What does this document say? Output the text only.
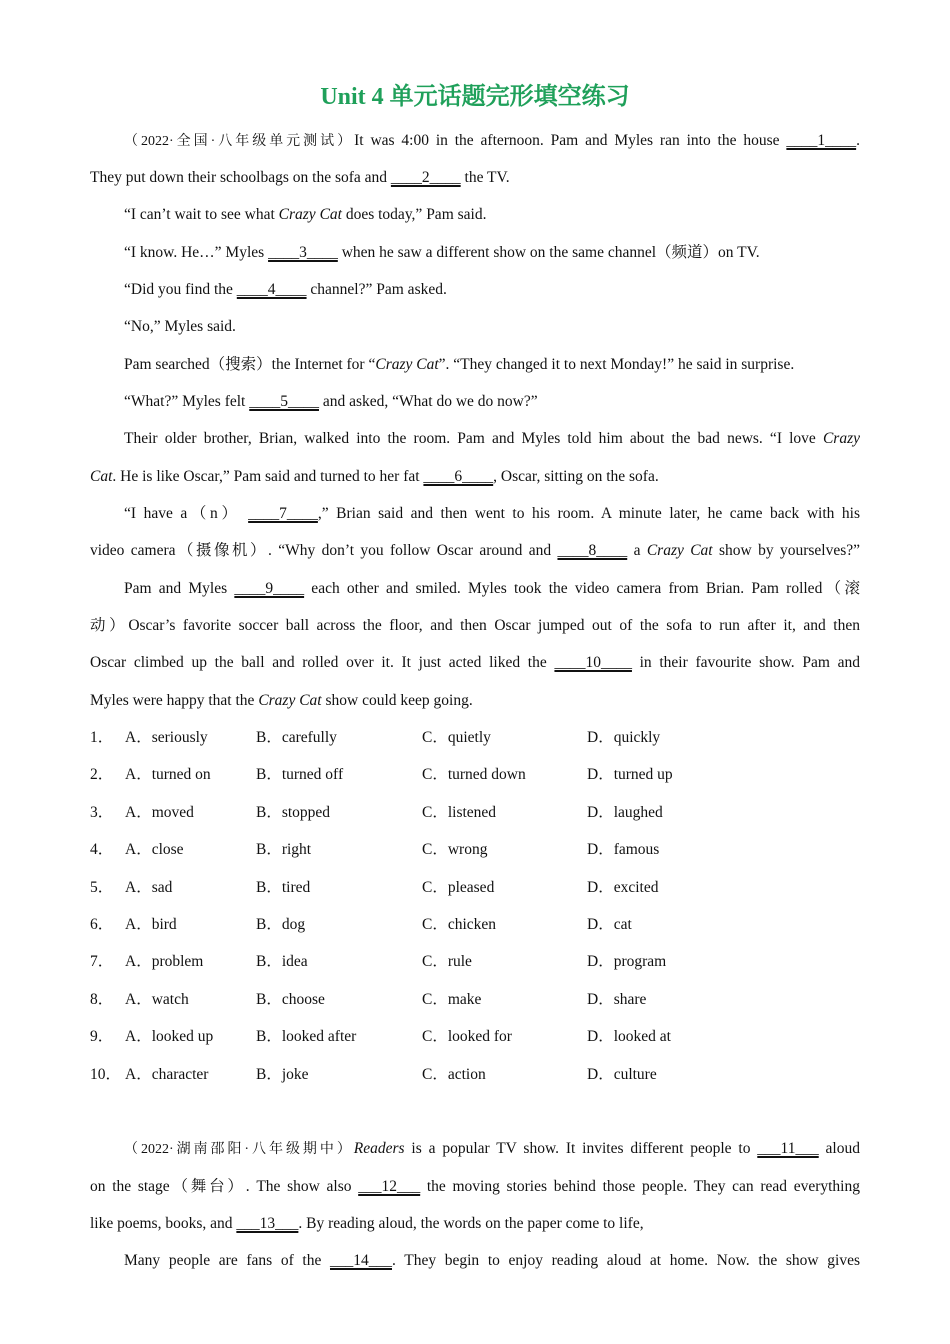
Unit 4 单元话题完形填空练习
（2022·全国·八年级单元测试）It was 4:00 in the afternoon. Pam and Myles ran into the house ____1____.
They put down their schoolbags on the sofa and ____2____ the TV.
“I can’t wait to see what Crazy Cat does today,” Pam said.
“I know. He…” Myles ____3____ when he saw a different show on the same channel（频道）on TV.
“Did you find the ____4____ channel?” Pam asked.
“No,” Myles said.
Pam searched（搜索）the Internet for “Crazy Cat”. “They changed it to next Monday!” he said in surprise.
“What?” Myles felt ____5____ and asked, “What do we do now?”
Their older brother, Brian, walked into the room. Pam and Myles told him about the bad news. “I love Crazy
Cat. He is like Oscar,” Pam said and turned to her fat ____6____, Oscar, sitting on the sofa.
“I have a（n） ____7____,” Brian said and then went to his room. A minute later, he came back with his
video camera（摄像机）. “Why don’t you follow Oscar around and ____8____ a Crazy Cat show by yourselves?”
Pam and Myles ____9____ each other and smiled. Myles took the video camera from Brian. Pam rolled（滚
动）Oscar’s favorite soccer ball across the floor, and then Oscar jumped out of the sofa to run after it, and then
Oscar climbed up the ball and rolled over it. It just acted liked the ____10____ in their favourite show. Pam and
Myles were happy that the Crazy Cat show could keep going.
1． A．seriously	B．carefully	C．quietly	D．quickly
2． A．turned on	B．turned off	C．turned down	D．turned up
3． A．moved	B．stopped	C．listened	D．laughed
4． A．close	B．right	C．wrong	D．famous
5． A．sad	B．tired	C．pleased	D．excited
6． A．bird	B．dog	C．chicken	D．cat
7． A．problem	B．idea	C．rule	D．program
8． A．watch	B．choose	C．make	D．share
9． A．looked up	B．looked after	C．looked for	D．looked at
10． A．character	B．joke	C．action	D．culture
（2022·湖南邵阳·八年级期中）Readers is a popular TV show. It invites different people to ___11___ aloud
on the stage（舞台）. The show also ___12___ the moving stories behind those people. They can read everything
like poems, books, and ___13___. By reading aloud, the words on the paper come to life,
Many people are fans of the ___14___. They begin to enjoy reading aloud at home. Now. the show gives
